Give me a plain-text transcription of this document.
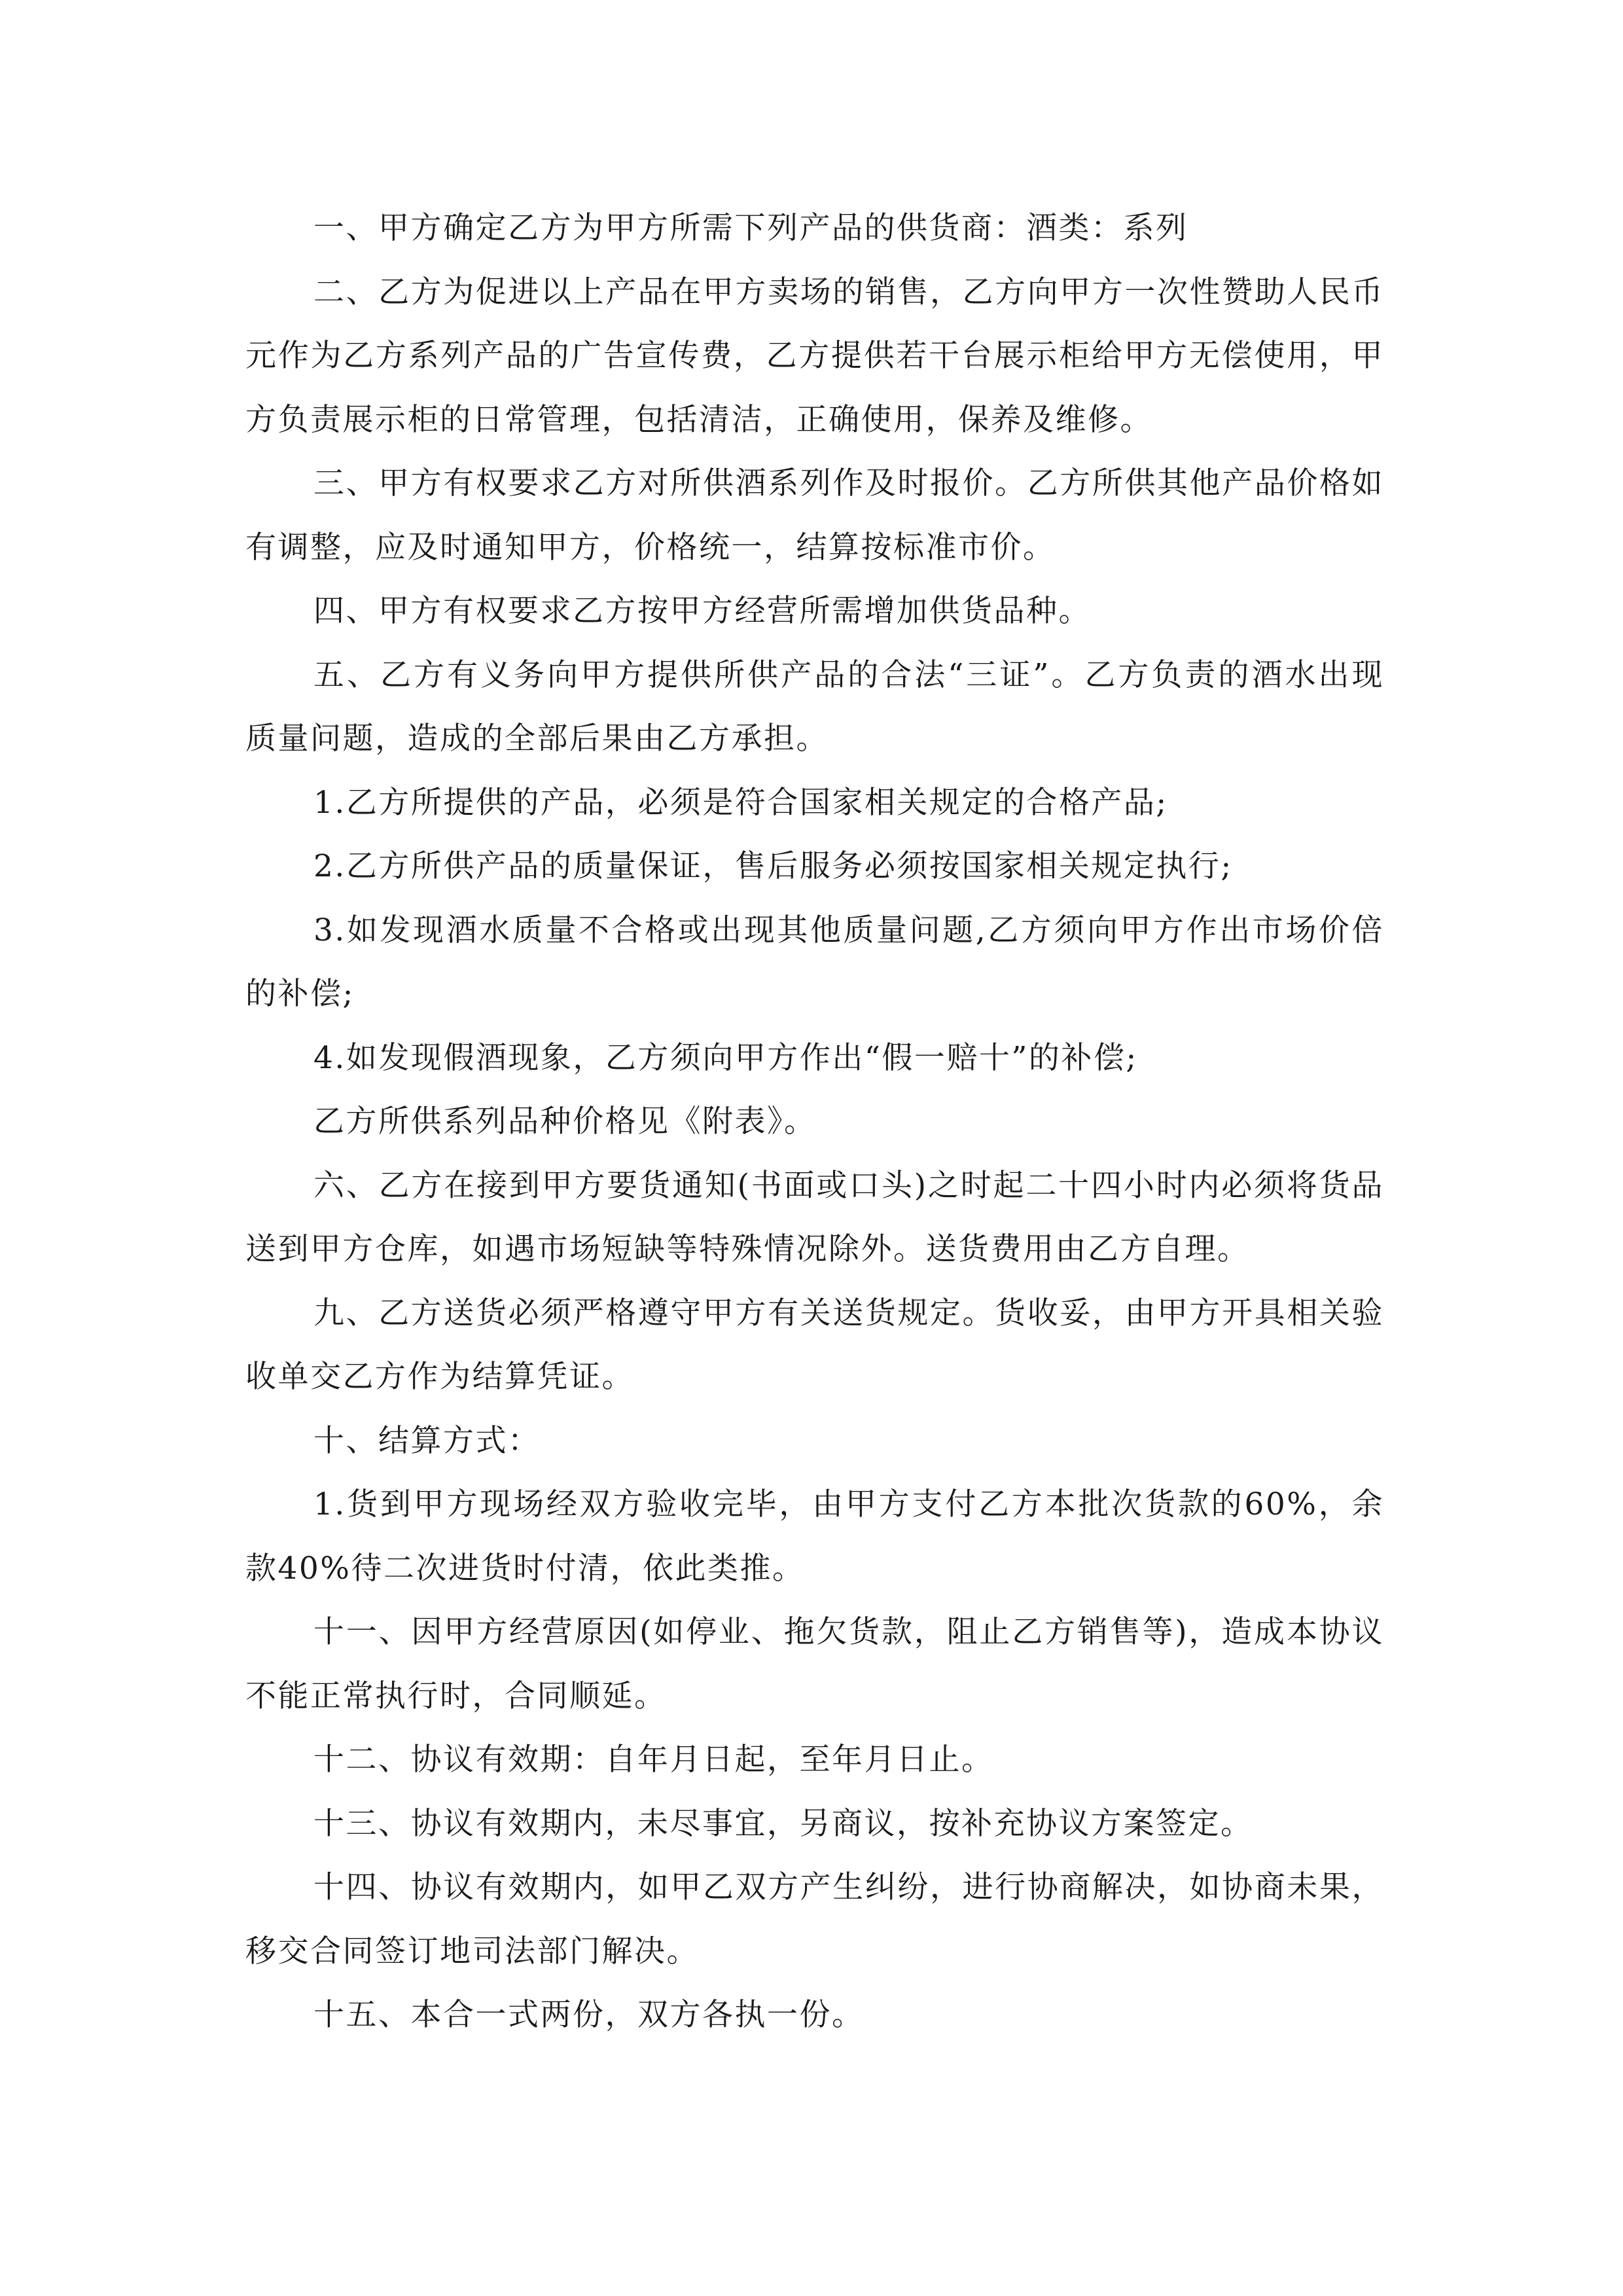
一、甲方确定乙方为甲方所需下列产品的供货商：酒类：系列

二、乙方为促进以上产品在甲方卖场的销售，乙方向甲方一次性赞助人民币元作为乙方系列产品的广告宣传费，乙方提供若干台展示柜给甲方无偿使用，甲方负责展示柜的日常管理，包括清洁，正确使用，保养及维修。

三、甲方有权要求乙方对所供酒系列作及时报价。乙方所供其他产品价格如有调整，应及时通知甲方，价格统一，结算按标准市价。

四、甲方有权要求乙方按甲方经营所需增加供货品种。

五、乙方有义务向甲方提供所供产品的合法“三证”。乙方负责的酒水出现质量问题，造成的全部后果由乙方承担。

1.乙方所提供的产品，必须是符合国家相关规定的合格产品;

2.乙方所供产品的质量保证，售后服务必须按国家相关规定执行;

3.如发现酒水质量不合格或出现其他质量问题,乙方须向甲方作出市场价倍的补偿;

4.如发现假酒现象，乙方须向甲方作出“假一赔十”的补偿;

乙方所供系列品种价格见《附表》。

六、乙方在接到甲方要货通知(书面或口头)之时起二十四小时内必须将货品送到甲方仓库，如遇市场短缺等特殊情况除外。送货费用由乙方自理。

九、乙方送货必须严格遵守甲方有关送货规定。货收妥，由甲方开具相关验收单交乙方作为结算凭证。

十、结算方式：

1.货到甲方现场经双方验收完毕，由甲方支付乙方本批次货款的60%，余款40%待二次进货时付清，依此类推。

十一、因甲方经营原因(如停业、拖欠货款，阻止乙方销售等)，造成本协议不能正常执行时，合同顺延。

十二、协议有效期：自年月日起，至年月日止。

十三、协议有效期内，未尽事宜，另商议，按补充协议方案签定。

十四、协议有效期内，如甲乙双方产生纠纷，进行协商解决，如协商未果，移交合同签订地司法部门解决。

十五、本合一式两份，双方各执一份。
